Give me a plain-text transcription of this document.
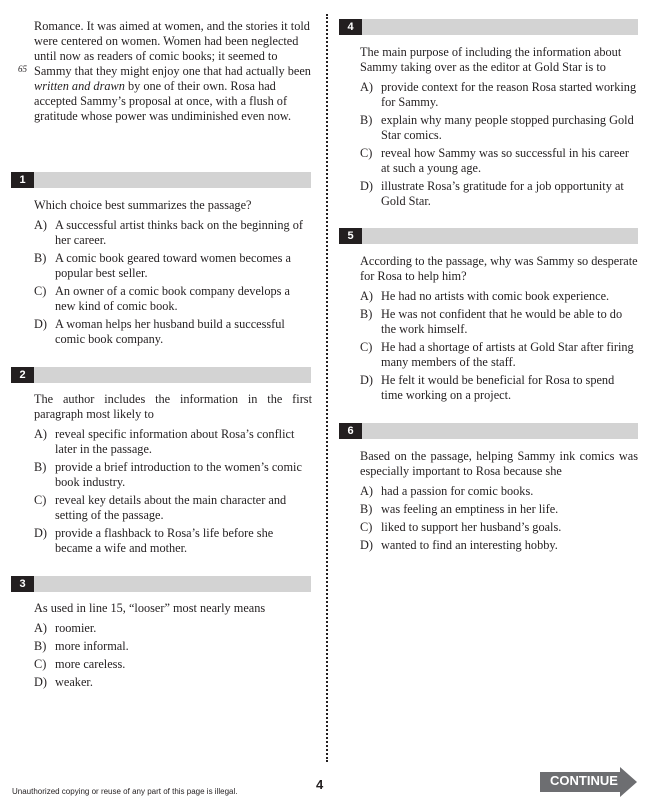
65

Romance. It was aimed at women, and the stories it told were centered on women. Women had been neglected until now as readers of comic books; it seemed to Sammy that they might enjoy one that had actually been written and drawn by one of their own. Rosa had accepted Sammy’s proposal at once, with a flush of gratitude whose power was undiminished even now.

1

Which choice best summarizes the passage?

A) A successful artist thinks back on the beginning of her career.
B) A comic book geared toward women becomes a popular best seller.
C) An owner of a comic book company develops a new kind of comic book.
D) A woman helps her husband build a successful comic book company.
2

The author includes the information in the first paragraph most likely to

A) reveal specific information about Rosa’s conflict later in the passage.
B) provide a brief introduction to the women’s comic book industry.
C) reveal key details about the main character and setting of the passage.
D) provide a flashback to Rosa’s life before she became a wife and mother.
3

As used in line 15, “looser” most nearly means

A) roomier.
B) more informal.
C) more careless.
D) weaker.
4

The main purpose of including the information about Sammy taking over as the editor at Gold Star is to

A) provide context for the reason Rosa started working for Sammy.
B) explain why many people stopped purchasing Gold Star comics.
C) reveal how Sammy was so successful in his career at such a young age.
D) illustrate Rosa’s gratitude for a job opportunity at Gold Star.
5

According to the passage, why was Sammy so desperate for Rosa to help him?

A) He had no artists with comic book experience.
B) He was not confident that he would be able to do the work himself.
C) He had a shortage of artists at Gold Star after firing many members of the staff.
D) He felt it would be beneficial for Rosa to spend time working on a project.
6

Based on the passage, helping Sammy ink comics was especially important to Rosa because she

A) had a passion for comic books.
B) was feeling an emptiness in her life.
C) liked to support her husband’s goals.
D) wanted to find an interesting hobby.
Unauthorized copying or reuse of any part of this page is illegal.	4	CONTINUE
